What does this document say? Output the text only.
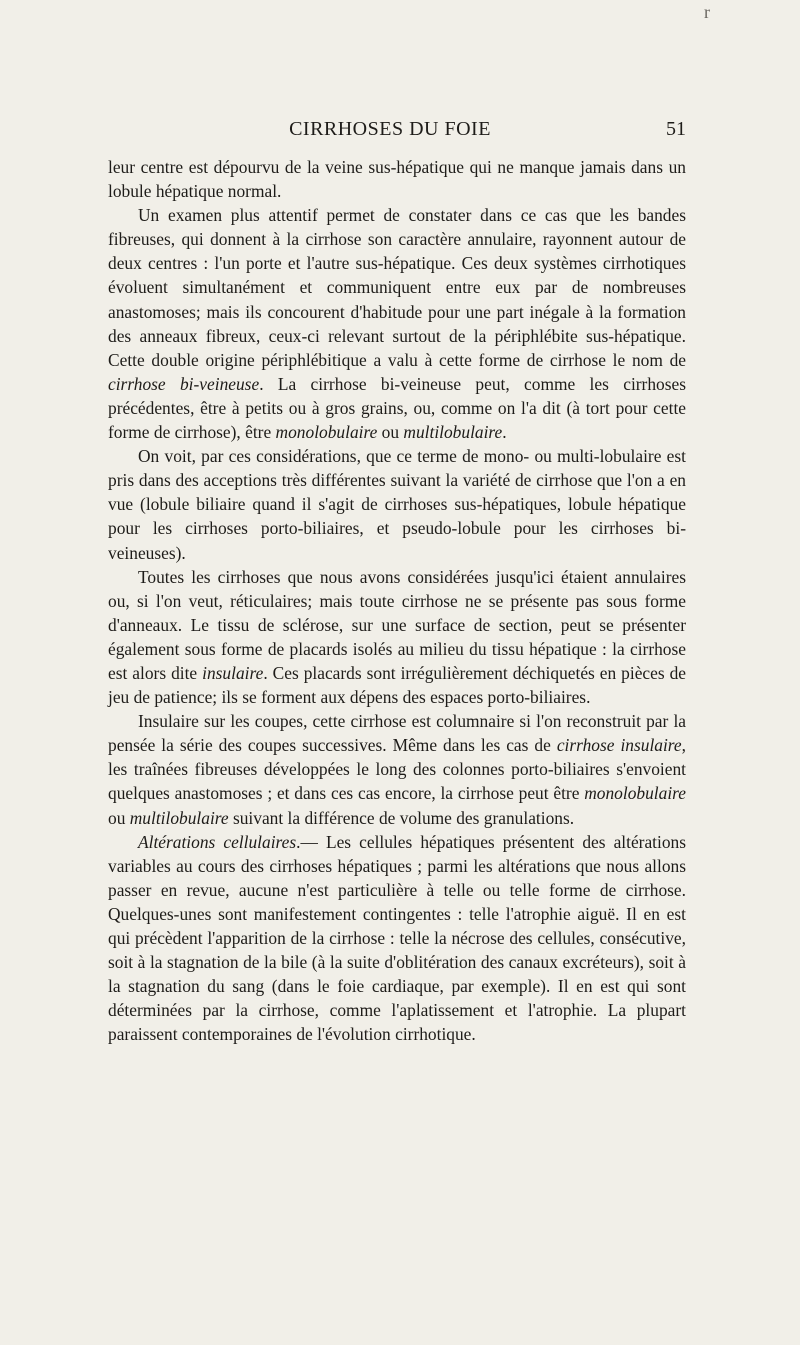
r
CIRRHOSES DU FOIE	51

leur centre est dépourvu de la veine sus-hépatique qui ne manque jamais dans un lobule hépatique normal.

Un examen plus attentif permet de constater dans ce cas que les bandes fibreuses, qui donnent à la cirrhose son caractère annulaire, rayonnent autour de deux centres : l'un porte et l'autre sus-hépatique. Ces deux systèmes cirrhotiques évoluent simultanément et communiquent entre eux par de nombreuses anastomoses; mais ils concourent d'habitude pour une part inégale à la formation des anneaux fibreux, ceux-ci relevant surtout de la périphlébite sus-hépatique. Cette double origine périphlébitique a valu à cette forme de cirrhose le nom de cirrhose bi-veineuse. La cirrhose bi-veineuse peut, comme les cirrhoses précédentes, être à petits ou à gros grains, ou, comme on l'a dit (à tort pour cette forme de cirrhose), être monolobulaire ou multilobulaire.

On voit, par ces considérations, que ce terme de mono- ou multi-lobulaire est pris dans des acceptions très différentes suivant la variété de cirrhose que l'on a en vue (lobule biliaire quand il s'agit de cirrhoses sus-hépatiques, lobule hépatique pour les cirrhoses porto-biliaires, et pseudo-lobule pour les cirrhoses bi-veineuses).

Toutes les cirrhoses que nous avons considérées jusqu'ici étaient annulaires ou, si l'on veut, réticulaires; mais toute cirrhose ne se présente pas sous forme d'anneaux. Le tissu de sclérose, sur une surface de section, peut se présenter également sous forme de placards isolés au milieu du tissu hépatique : la cirrhose est alors dite insulaire. Ces placards sont irrégulièrement déchiquetés en pièces de jeu de patience; ils se forment aux dépens des espaces porto-biliaires.

Insulaire sur les coupes, cette cirrhose est columnaire si l'on reconstruit par la pensée la série des coupes successives. Même dans les cas de cirrhose insulaire, les traînées fibreuses développées le long des colonnes porto-biliaires s'envoient quelques anastomoses ; et dans ces cas encore, la cirrhose peut être monolobulaire ou multilobulaire suivant la différence de volume des granulations.

Altérations cellulaires.— Les cellules hépatiques présentent des altérations variables au cours des cirrhoses hépatiques ; parmi les altérations que nous allons passer en revue, aucune n'est particulière à telle ou telle forme de cirrhose. Quelques-unes sont manifestement contingentes : telle l'atrophie aiguë. Il en est qui précèdent l'apparition de la cirrhose : telle la nécrose des cellules, consécutive, soit à la stagnation de la bile (à la suite d'oblitération des canaux excréteurs), soit à la stagnation du sang (dans le foie cardiaque, par exemple). Il en est qui sont déterminées par la cirrhose, comme l'aplatissement et l'atrophie. La plupart paraissent contemporaines de l'évolution cirrhotique.
